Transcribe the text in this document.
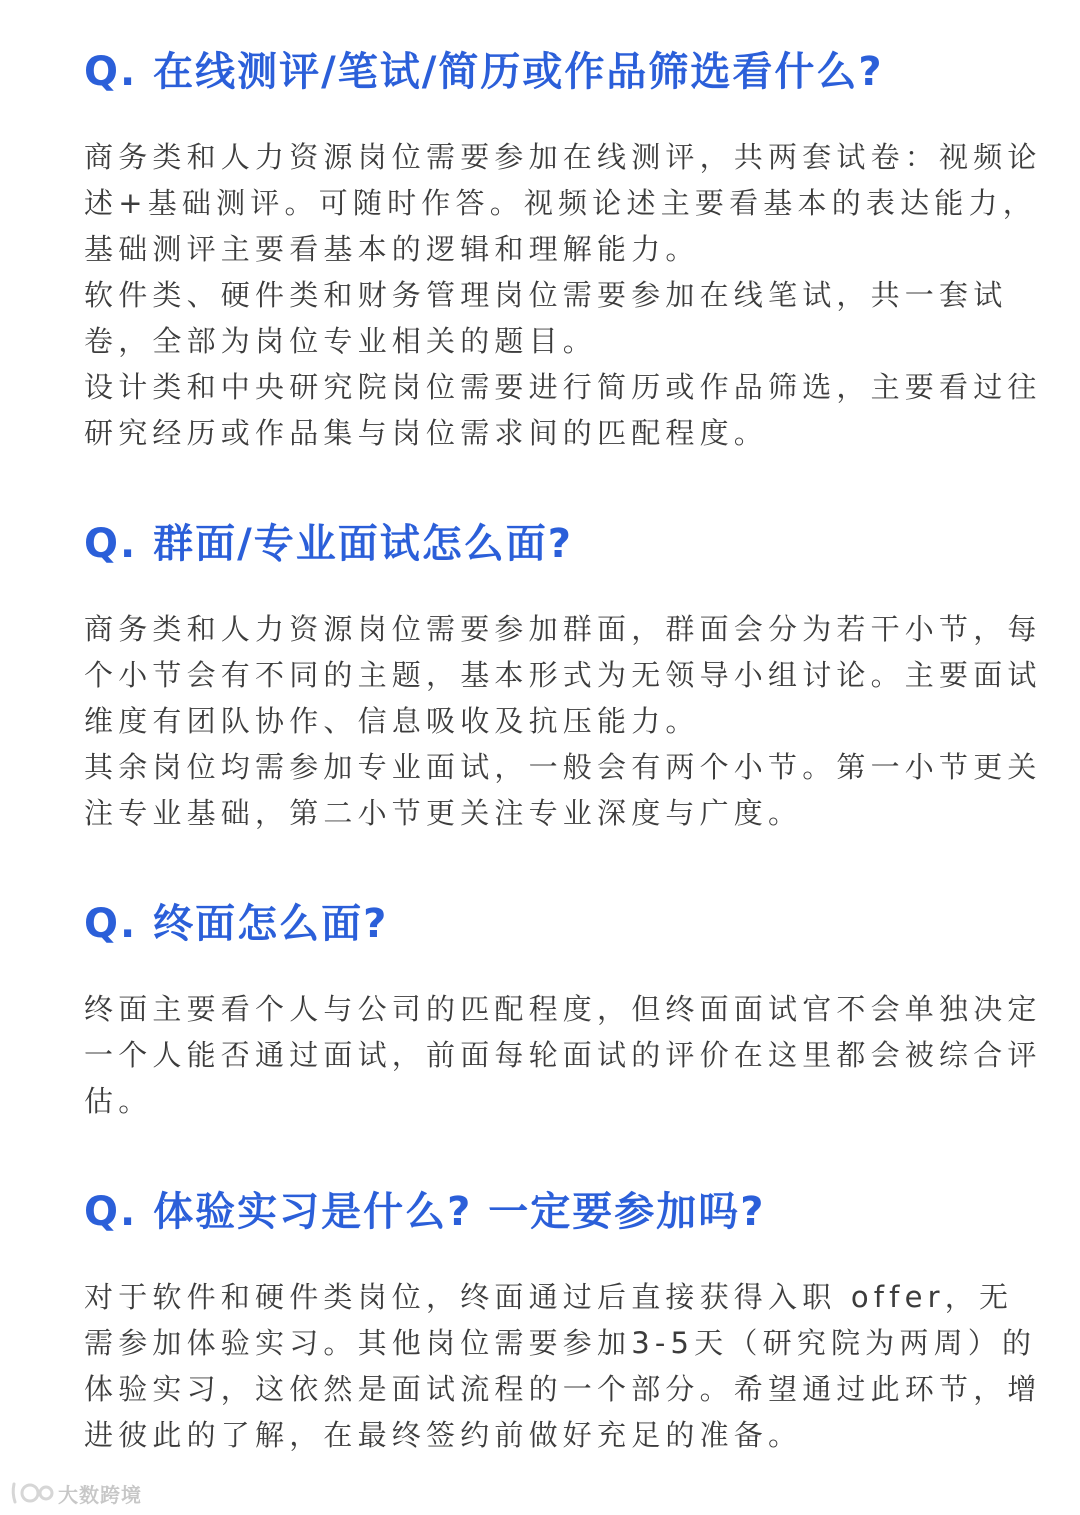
Q. 在线测评/笔试/简历或作品筛选看什么?

商务类和人力资源岗位需要参加在线测评，共两套试卷：视频论述+基础测评。可随时作答。视频论述主要看基本的表达能力，基础测评主要看基本的逻辑和理解能力。

软件类、硬件类和财务管理岗位需要参加在线笔试，共一套试卷，全部为岗位专业相关的题目。

设计类和中央研究院岗位需要进行简历或作品筛选，主要看过往研究经历或作品集与岗位需求间的匹配程度。

Q. 群面/专业面试怎么面?

商务类和人力资源岗位需要参加群面，群面会分为若干小节，每个小节会有不同的主题，基本形式为无领导小组讨论。主要面试维度有团队协作、信息吸收及抗压能力。

其余岗位均需参加专业面试，一般会有两个小节。第一小节更关注专业基础，第二小节更关注专业深度与广度。

Q. 终面怎么面?

终面主要看个人与公司的匹配程度，但终面面试官不会单独决定一个人能否通过面试，前面每轮面试的评价在这里都会被综合评估。

Q. 体验实习是什么? 一定要参加吗?

对于软件和硬件类岗位，终面通过后直接获得入职 offer，无需参加体验实习。其他岗位需要参加3-5天（研究院为两周）的体验实习，这依然是面试流程的一个部分。希望通过此环节，增进彼此的了解，在最终签约前做好充足的准备。

大数跨境
